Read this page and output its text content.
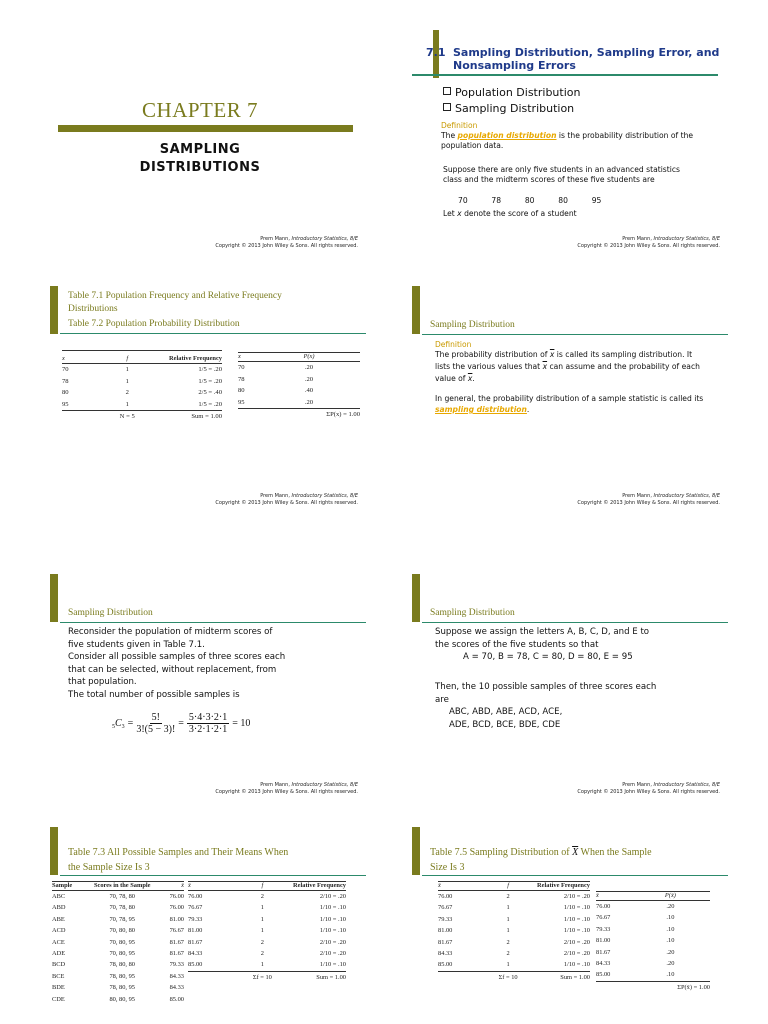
CHAPTER 7
SAMPLING
DISTRIBUTIONS
Prem Mann, Introductory Statistics, 8/E
Copyright © 2013 John Wiley & Sons. All rights reserved.
7.1 Sampling Distribution, Sampling Error, and
Nonsampling Errors
Population Distribution
Sampling Distribution
Definition
The population distribution is the probability distribution of the population data.
Suppose there are only five students in an advanced statistics class and the midterm scores of these five students are
70	78	80	80	95
Let x denote the score of a student
Prem Mann, Introductory Statistics, 8/E
Copyright © 2013 John Wiley & Sons. All rights reserved.
Table 7.1 Population Frequency and Relative Frequency
Distributions
Table 7.2 Population Probability Distribution
x	f	Relative Frequency
70	1	1/5 = .20
78	1	1/5 = .20
80	2	2/5 = .40
95	1	1/5 = .20
	N = 5	Sum = 1.00
x	P(x)
70	.20
78	.20
80	.40
95	.20
	ΣP(x) = 1.00
Prem Mann, Introductory Statistics, 8/E
Copyright © 2013 John Wiley & Sons. All rights reserved.
Sampling Distribution
Definition
The probability distribution of $\overline{x}$ is called its sampling distribution. It lists the various values that $\overline{x}$ can assume and the probability of each value of $\overline{x}$.
In general, the probability distribution of a sample statistic is called its sampling distribution.
Prem Mann, Introductory Statistics, 8/E
Copyright © 2013 John Wiley & Sons. All rights reserved.
Sampling Distribution
Reconsider the population of midterm scores of
five students given in Table 7.1.
Consider all possible samples of three scores each
that can be selected, without replacement, from
that population.
The total number of possible samples is
5 C $3 = \frac{5!}{3!(5 - 3)!} = \frac{5\cdot 4\cdot 3\cdot 2\cdot 1}{3\cdot 2\cdot 1\cdot 2\cdot 1} = 10$
Prem Mann, Introductory Statistics, 8/E
Copyright © 2013 John Wiley & Sons. All rights reserved.
Sampling Distribution
Suppose we assign the letters A, B, C, D, and E to
the scores of the five students so that
A = 70, B = 78, C = 80, D = 80, E = 95
Then, the 10 possible samples of three scores each
are
ABC, ABD, ABE, ACD, ACE,
ADE, BCD, BCE, BDE, CDE
Prem Mann, Introductory Statistics, 8/E
Copyright © 2013 John Wiley & Sons. All rights reserved.
Table 7.3 All Possible Samples and Their Means When
the Sample Size Is 3
Sample	Scores in the Sample	x̄
ABC	70, 78, 80	76.00
ABD	70, 78, 80	76.00
ABE	70, 78, 95	81.00
ACD	70, 80, 80	76.67
ACE	70, 80, 95	81.67
ADE	70, 80, 95	81.67
BCD	78, 80, 80	79.33
BCE	78, 80, 95	84.33
BDE	78, 80, 95	84.33
CDE	80, 80, 95	85.00
x̄	f	Relative Frequency
76.00	2	2/10 = .20
76.67	1	1/10 = .10
79.33	1	1/10 = .10
81.00	1	1/10 = .10
81.67	2	2/10 = .20
84.33	2	2/10 = .20
85.00	1	1/10 = .10
	Σf = 10	Sum = 1.00
Table 7.5 Sampling Distribution of $\overline{X}$ When the Sample
Size Is 3
x̄	f	Relative Frequency
76.00	2	2/10 = .20
76.67	1	1/10 = .10
79.33	1	1/10 = .10
81.00	1	1/10 = .10
81.67	2	2/10 = .20
84.33	2	2/10 = .20
85.00	1	1/10 = .10
	Σf = 10	Sum = 1.00
x̄	P(x̄)
76.00	.20
76.67	.10
79.33	.10
81.00	.10
81.67	.20
84.33	.20
85.00	.10
	ΣP(x̄) = 1.00
